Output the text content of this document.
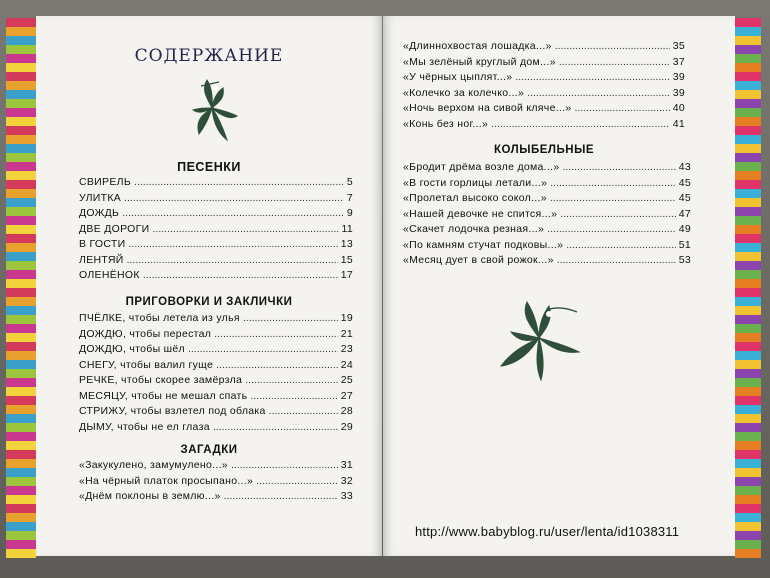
СОДЕРЖАНИЕ
ПЕСЕНКИ
СВИРЕЛЬ .....	5
УЛИТКА .....	7
ДОЖДЬ .....	9
ДВЕ ДОРОГИ .....	11
В ГОСТИ .....	13
ЛЕНТЯЙ .....	15
ОЛЕНЁНОК .....	17
ПРИГОВОРКИ И ЗАКЛИЧКИ
ПЧЁЛКЕ, чтобы летела из улья .....	19
ДОЖДЮ, чтобы перестал .....	21
ДОЖДЮ, чтобы шёл .....	23
СНЕГУ, чтобы валил гуще .....	24
РЕЧКЕ, чтобы скорее замёрзла .....	25
МЕСЯЦУ, чтобы не мешал спать .....	27
СТРИЖУ, чтобы взлетел под облака .....	28
ДЫМУ, чтобы не ел глаза .....	29
ЗАГАДКИ
«Закукулено, замумулено...» .....	31
«На чёрный платок просыпано...» .....	32
«Днём поклоны в землю...» .....	33
«Длиннохвостая лошадка...» .....	35
«Мы зелёный круглый дом...» .....	37
«У чёрных цыплят...» .....	39
«Колечко за колечко...» .....	39
«Ночь верхом на сивой кляче...» .....	40
«Конь без ног...» .....	41
КОЛЫБЕЛЬНЫЕ
«Бродит дрёма возле дома...» .....	43
«В гости горлицы летали...» .....	45
«Пролетал высоко сокол...» .....	45
«Нашей девочке не спится...» .....	47
«Скачет лодочка резная...» .....	49
«По камням стучат подковы...» .....	51
«Месяц дует в свой рожок...» .....	53
http://www.babyblog.ru/user/lenta/id1038311
